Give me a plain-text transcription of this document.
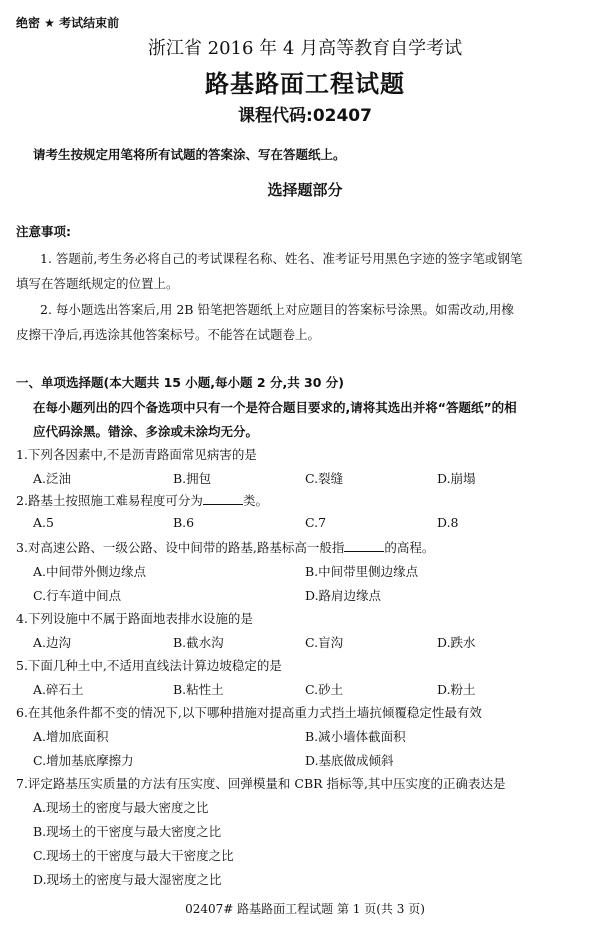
绝密 ★ 考试结束前
浙江省 2016 年 4 月高等教育自学考试
路基路面工程试题
课程代码:02407
请考生按规定用笔将所有试题的答案涂、写在答题纸上。
选择题部分
注意事项:
1. 答题前,考生务必将自己的考试课程名称、姓名、准考证号用黑色字迹的签字笔或钢笔
填写在答题纸规定的位置上。
2. 每小题选出答案后,用 2B 铅笔把答题纸上对应题目的答案标号涂黑。如需改动,用橡
皮擦干净后,再选涂其他答案标号。不能答在试题卷上。
一、单项选择题(本大题共 15 小题,每小题 2 分,共 30 分)
在每小题列出的四个备选项中只有一个是符合题目要求的,请将其选出并将“答题纸”的相
应代码涂黑。错涂、多涂或未涂均无分。
1.下列各因素中,不是沥青路面常见病害的是
A.泛油	B.拥包	C.裂缝	D.崩塌
2.路基土按照施工难易程度可分为	类。
A.5	B.6	C.7	D.8
3.对高速公路、一级公路、设中间带的路基,路基标高一般指	的高程。
A.中间带外侧边缘点	B.中间带里侧边缘点
C.行车道中间点	D.路肩边缘点
4.下列设施中不属于路面地表排水设施的是
A.边沟	B.截水沟	C.盲沟	D.跌水
5.下面几种土中,不适用直线法计算边坡稳定的是
A.碎石土	B.粘性土	C.砂土	D.粉土
6.在其他条件都不变的情况下,以下哪种措施对提高重力式挡土墙抗倾覆稳定性最有效
A.增加底面积	B.减小墙体截面积
C.增加基底摩擦力	D.基底做成倾斜
7.评定路基压实质量的方法有压实度、回弹模量和 CBR 指标等,其中压实度的正确表达是
A.现场土的密度与最大密度之比
B.现场土的干密度与最大密度之比
C.现场土的干密度与最大干密度之比
D.现场土的密度与最大湿密度之比
02407# 路基路面工程试题 第 1 页(共 3 页)
